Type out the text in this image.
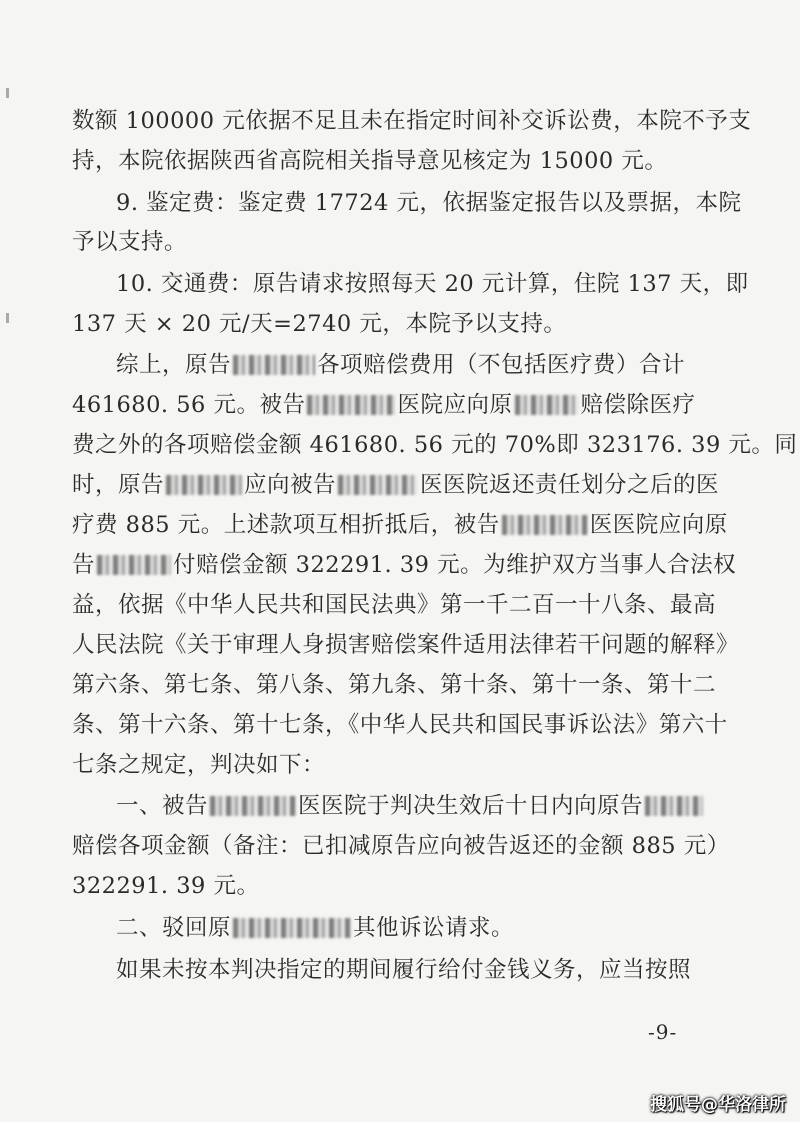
数额 100000 元依据不足且未在指定时间补交诉讼费，本院不予支
持，本院依据陕西省高院相关指导意见核定为 15000 元。
9. 鉴定费：鉴定费 17724 元，依据鉴定报告以及票据，本院
予以支持。
10. 交通费：原告请求按照每天 20 元计算，住院 137 天，即
137 天 × 20 元/天=2740 元，本院予以支持。
综上，原告	各项赔偿费用（不包括医疗费）合计
461680. 56 元。被告	医院应向原	赔偿除医疗
费之外的各项赔偿金额 461680. 56 元的 70%即 323176. 39 元。同
时，原告	应向被告	医医院返还责任划分之后的医
疗费 885 元。上述款项互相折抵后，被告	医医院应向原
告	付赔偿金额 322291. 39 元。为维护双方当事人合法权
益，依据《中华人民共和国民法典》第一千二百一十八条、最高
人民法院《关于审理人身损害赔偿案件适用法律若干问题的解释》
第六条、第七条、第八条、第九条、第十条、第十一条、第十二
条、第十六条、第十七条，《中华人民共和国民事诉讼法》第六十
七条之规定，判决如下：
一、被告	医医院于判决生效后十日内向原告
赔偿各项金额（备注：已扣减原告应向被告返还的金额 885 元）
322291. 39 元。
二、驳回原	其他诉讼请求。
如果未按本判决指定的期间履行给付金钱义务，应当按照
-9-
搜狐号@华洛律所
